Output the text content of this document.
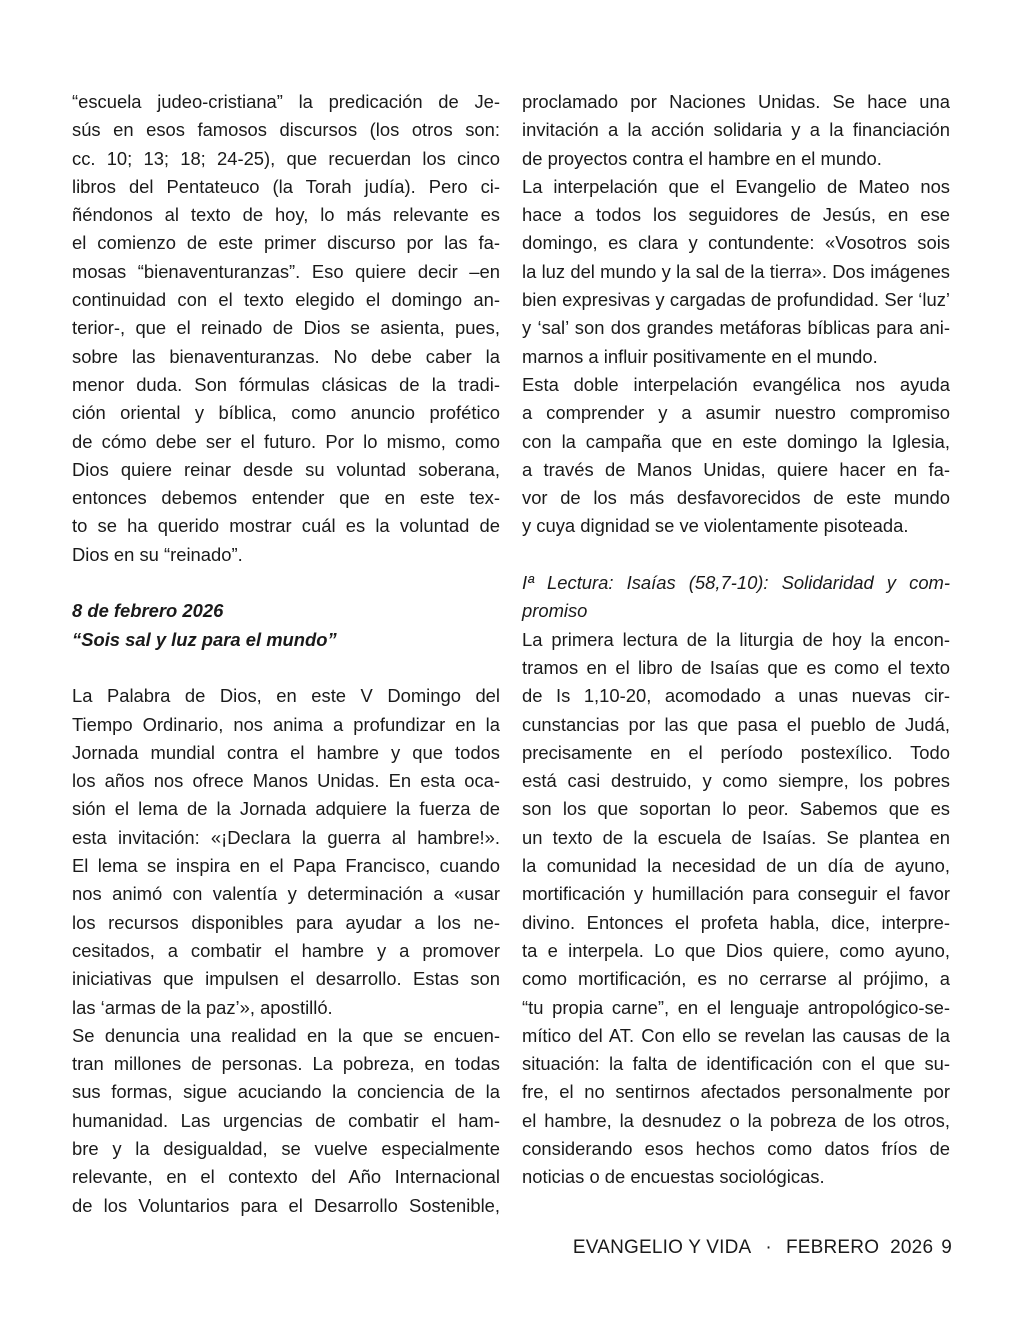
“escuela judeo-cristiana” la predicación de Je-
sús en esos famosos discursos (los otros son:
cc. 10; 13; 18; 24-25), que recuerdan los cinco
libros del Pentateuco (la Torah judía). Pero ci-
ñéndonos al texto de hoy, lo más relevante es
el comienzo de este primer discurso por las fa-
mosas “bienaventuranzas”. Eso quiere decir –en
continuidad con el texto elegido el domingo an-
terior-, que el reinado de Dios se asienta, pues,
sobre las bienaventuranzas. No debe caber la
menor duda. Son fórmulas clásicas de la tradi-
ción oriental y bíblica, como anuncio profético
de cómo debe ser el futuro. Por lo mismo, como
Dios quiere reinar desde su voluntad soberana,
entonces debemos entender que en este tex-
to se ha querido mostrar cuál es la voluntad de
Dios en su “reinado”.
8 de febrero 2026
“Sois sal y luz para el mundo”
La Palabra de Dios, en este V Domingo del
Tiempo Ordinario, nos anima a profundizar en la
Jornada mundial contra el hambre y que todos
los años nos ofrece Manos Unidas. En esta oca-
sión el lema de la Jornada adquiere la fuerza de
esta invitación: «¡Declara la guerra al hambre!».
El lema se inspira en el Papa Francisco, cuando
nos animó con valentía y determinación a «usar
los recursos disponibles para ayudar a los ne-
cesitados, a combatir el hambre y a promover
iniciativas que impulsen el desarrollo. Estas son
las ‘armas de la paz’», apostilló.
Se denuncia una realidad en la que se encuen-
tran millones de personas. La pobreza, en todas
sus formas, sigue acuciando la conciencia de la
humanidad. Las urgencias de combatir el ham-
bre y la desigualdad, se vuelve especialmente
relevante, en el contexto del Año Internacional
de los Voluntarios para el Desarrollo Sostenible,
proclamado por Naciones Unidas. Se hace una
invitación a la acción solidaria y a la financiación
de proyectos contra el hambre en el mundo.
La interpelación que el Evangelio de Mateo nos
hace a todos los seguidores de Jesús, en ese
domingo, es clara y contundente: «Vosotros sois
la luz del mundo y la sal de la tierra». Dos imágenes
bien expresivas y cargadas de profundidad. Ser ‘luz’
y ‘sal’ son dos grandes metáforas bíblicas para ani-
marnos a influir positivamente en el mundo.
Esta doble interpelación evangélica nos ayuda
a comprender y a asumir nuestro compromiso
con la campaña que en este domingo la Iglesia,
a través de Manos Unidas, quiere hacer en fa-
vor de los más desfavorecidos de este mundo
y cuya dignidad se ve violentamente pisoteada.
Iª Lectura: Isaías (58,7-10): Solidaridad y com-
promiso
La primera lectura de la liturgia de hoy la encon-
tramos en el libro de Isaías que es como el texto
de Is 1,10-20, acomodado a unas nuevas cir-
cunstancias por las que pasa el pueblo de Judá,
precisamente en el período postexílico. Todo
está casi destruido, y como siempre, los pobres
son los que soportan lo peor. Sabemos que es
un texto de la escuela de Isaías. Se plantea en
la comunidad la necesidad de un día de ayuno,
mortificación y humillación para conseguir el favor
divino. Entonces el profeta habla, dice, interpre-
ta e interpela. Lo que Dios quiere, como ayuno,
como mortificación, es no cerrarse al prójimo, a
“tu propia carne”, en el lenguaje antropológico-se-
mítico del AT. Con ello se revelan las causas de la
situación: la falta de identificación con el que su-
fre, el no sentirnos afectados personalmente por
el hambre, la desnudez o la pobreza de los otros,
considerando esos hechos como datos fríos de
noticias o de encuestas sociológicas.
EVANGELIO Y VIDA · FEBRERO  2026 9
